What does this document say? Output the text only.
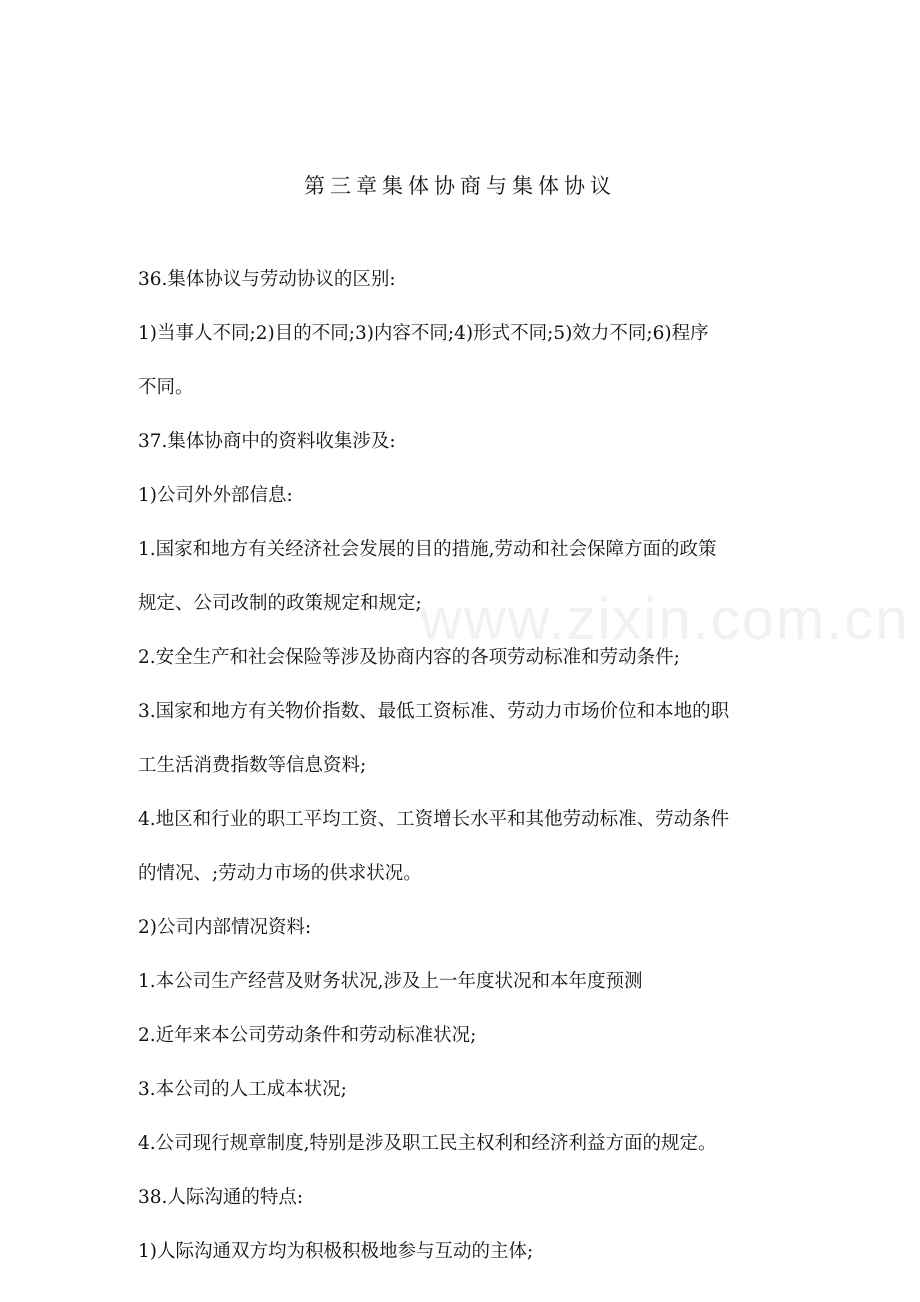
第三章集体协商与集体协议

36.集体协议与劳动协议的区别:

1)当事人不同;2)目的不同;3)内容不同;4)形式不同;5)效力不同;6)程序

不同。

37.集体协商中的资料收集涉及:

1)公司外外部信息:

1.国家和地方有关经济社会发展的目的措施,劳动和社会保障方面的政策

规定、公司改制的政策规定和规定;

2.安全生产和社会保险等涉及协商内容的各项劳动标准和劳动条件;

3.国家和地方有关物价指数、最低工资标准、劳动力市场价位和本地的职

工生活消费指数等信息资料;

4.地区和行业的职工平均工资、工资增长水平和其他劳动标准、劳动条件

的情况、;劳动力市场的供求状况。

2)公司内部情况资料:

1.本公司生产经营及财务状况,涉及上一年度状况和本年度预测

2.近年来本公司劳动条件和劳动标准状况;

3.本公司的人工成本状况;

4.公司现行规章制度,特别是涉及职工民主权利和经济利益方面的规定。

38.人际沟通的特点:

1)人际沟通双方均为积极积极地参与互动的主体;

www.zixin.com.cn
